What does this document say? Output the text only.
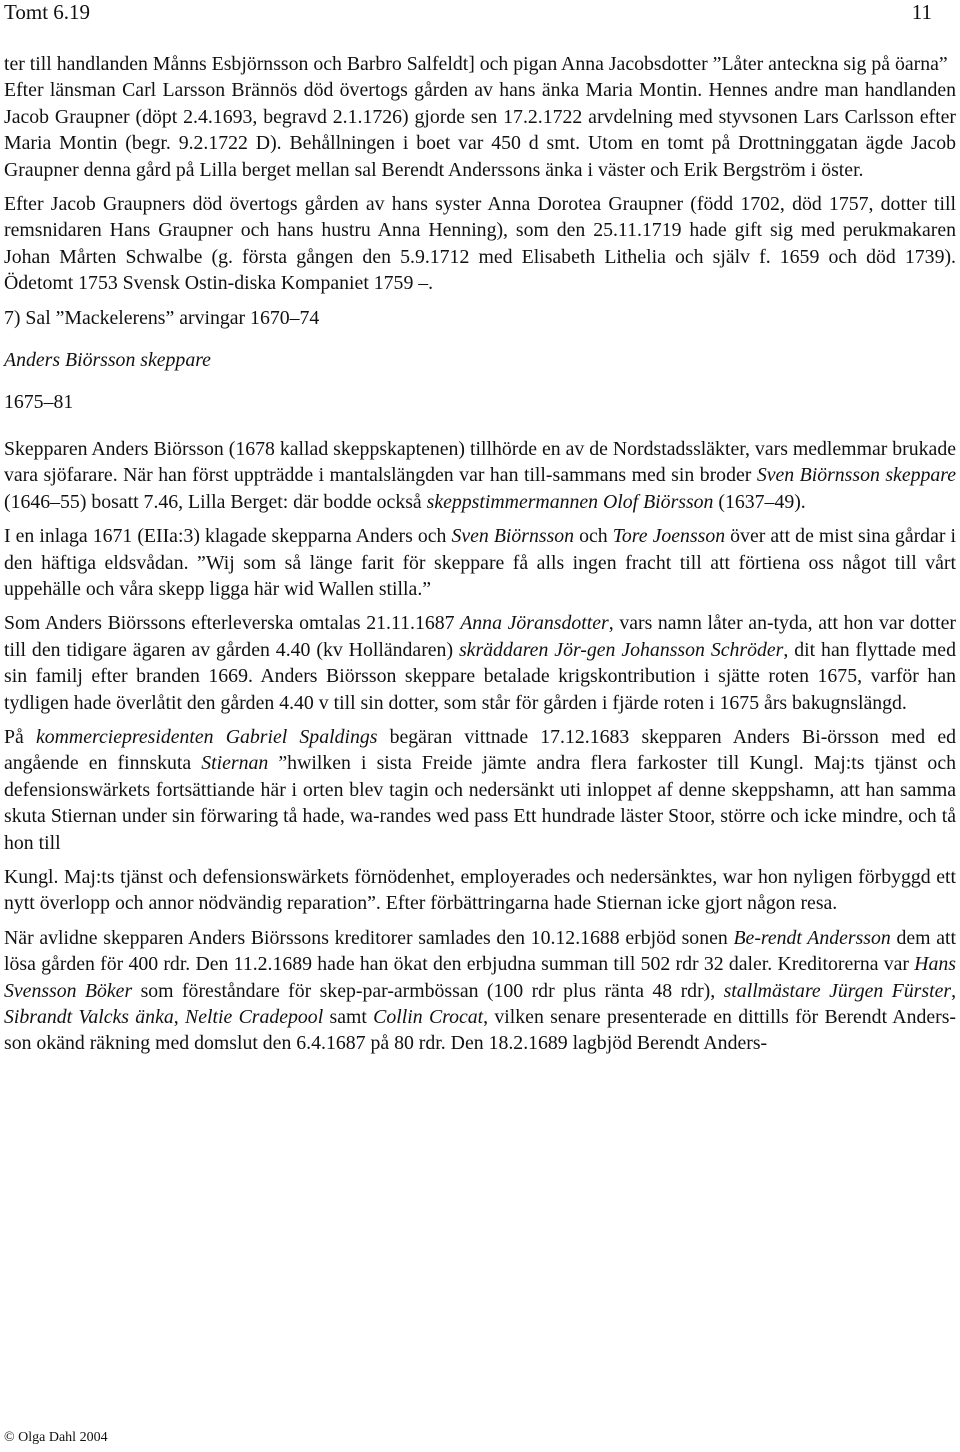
Tomt 6.19	11

ter till handlanden Månns Esbjörnsson och Barbro Salfeldt] och pigan Anna Jacobsdotter ”Låter anteckna sig på öarna”

Efter länsman Carl Larsson Brännös död övertogs gården av hans änka Maria Montin. Hennes andre man handlanden Jacob Graupner (döpt 2.4.1693, begravd 2.1.1726) gjorde sen 17.2.1722 arvdelning med styvsonen Lars Carlsson efter Maria Montin (begr. 9.2.1722 D). Behållningen i boet var 450 d smt. Utom en tomt på Drottninggatan ägde Jacob Graupner denna gård på Lilla berget mellan sal Berendt Anderssons änka i väster och Erik Bergström i öster.

Efter Jacob Graupners död övertogs gården av hans syster Anna Dorotea Graupner (född 1702, död 1757, dotter till remsnidaren Hans Graupner och hans hustru Anna Henning), som den 25.11.1719 hade gift sig med perukmakaren Johan Mårten Schwalbe (g. första gången den 5.9.1712 med Elisabeth Lithelia och själv f. 1659 och död 1739). Ödetomt 1753 Svensk Ostin-diska Kompaniet 1759 –.

7) Sal ”Mackelerens” arvingar 1670–74

Anders Biörsson skeppare

1675–81

Skepparen Anders Biörsson (1678 kallad skeppskaptenen) tillhörde en av de Nordstadssläkter, vars medlemmar brukade vara sjöfarare. När han först uppträdde i mantalslängden var han till-sammans med sin broder Sven Biörnsson skeppare (1646–55) bosatt 7.46, Lilla Berget: där bodde också skeppstimmermannen Olof Biörsson (1637–49).

I en inlaga 1671 (EIIa:3) klagade skepparna Anders och Sven Biörnsson och Tore Joensson över att de mist sina gårdar i den häftiga eldsvådan. ”Wij som så länge farit för skeppare få alls ingen fracht till att förtiena oss något till vårt uppehälle och våra skepp ligga här wid Wallen stilla.”

Som Anders Biörssons efterleverska omtalas 21.11.1687 Anna Jöransdotter, vars namn låter an-tyda, att hon var dotter till den tidigare ägaren av gården 4.40 (kv Holländaren) skräddaren Jör-gen Johansson Schröder, dit han flyttade med sin familj efter branden 1669. Anders Biörsson skeppare betalade krigskontribution i sjätte roten 1675, varför han tydligen hade överlåtit den gården 4.40 v till sin dotter, som står för gården i fjärde roten i 1675 års bakugnslängd.

På kommerciepresidenten Gabriel Spaldings begäran vittnade 17.12.1683 skepparen Anders Bi-örsson med ed angående en finnskuta Stiernan ”hwilken i sista Freide jämte andra flera farkoster till Kungl. Maj:ts tjänst och defensionswärkets fortsättiande här i orten blev tagin och nedersänkt uti inloppet af denne skeppshamn, att han samma skuta Stiernan under sin förwaring tå hade, wa-randes wed pass Ett hundrade läster Stoor, större och icke mindre, och tå hon till

Kungl. Maj:ts tjänst och defensionswärkets förnödenhet, employerades och nedersänktes, war hon nyligen förbyggd ett nytt överlopp och annor nödvändig reparation”. Efter förbättringarna hade Stiernan icke gjort någon resa.

När avlidne skepparen Anders Biörssons kreditorer samlades den 10.12.1688 erbjöd sonen Be-rendt Andersson dem att lösa gården för 400 rdr. Den 11.2.1689 hade han ökat den erbjudna summan till 502 rdr 32 daler. Kreditorerna var Hans Svensson Böker som föreståndare för skep-par-armbössan (100 rdr plus ränta 48 rdr), stallmästare Jürgen Fürster, Sibrandt Valcks änka, Neltie Cradepool samt Collin Crocat, vilken senare presenterade en dittills för Berendt Anders-son okänd räkning med domslut den 6.4.1687 på 80 rdr. Den 18.2.1689 lagbjöd Berendt Anders-

© Olga Dahl 2004
